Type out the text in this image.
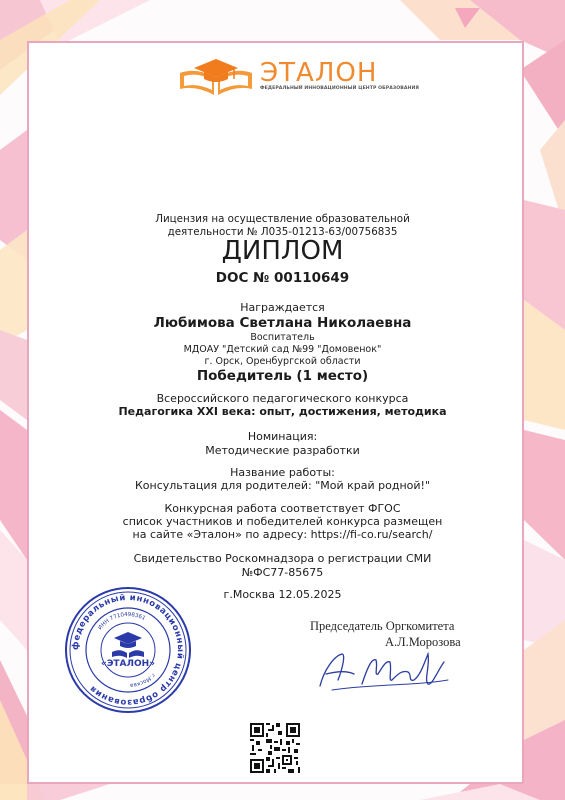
ЭТАЛОН
ФЕДЕРАЛЬНЫЙ ИННОВАЦИОННЫЙ ЦЕНТР ОБРАЗОВАНИЯ
Лицензия на осуществление образовательной
деятельности № Л035-01213-63/00756835
ДИПЛОМ
DOC № 00110649
Награждается
Любимова Светлана Николаевна
Воспитатель
МДОАУ "Детский сад №99 "Домовенок"
г. Орск, Оренбургской области
Победитель (1 место)
Всероссийского педагогического конкурса
Педагогика XXI века: опыт, достижения, методика
Номинация:
Методические разработки
Название работы:
Консультация для родителей: "Мой край родной!"
Конкурсная работа соответствует ФГОС
список участников и победителей конкурса размещен
на сайте «Эталон» по адресу: https://fi-co.ru/search/
Свидетельство Роскомнадзора о регистрации СМИ
№ФС77-85675
г.Москва 12.05.2025
федеральный инновационный центр образования
ИНН 7710498361
г.Москва
«ЭТАЛОН»
Председатель Оргкомитета
А.Л.Морозова
